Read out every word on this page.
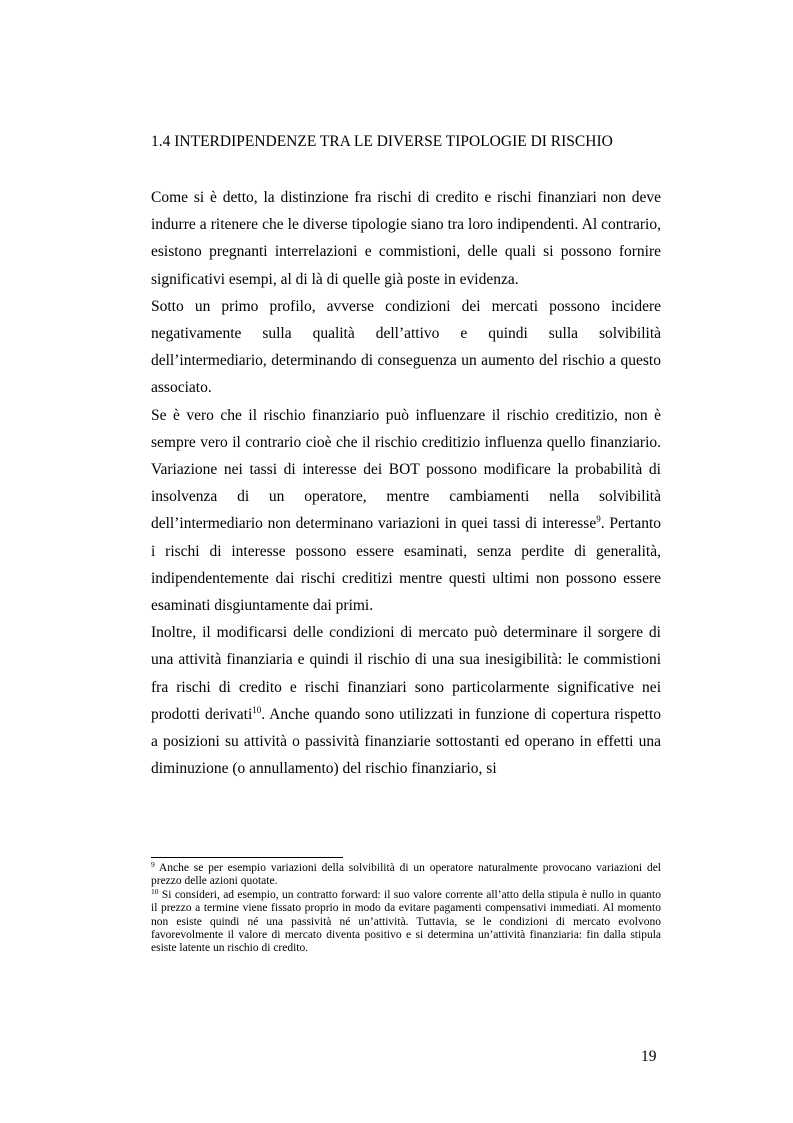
1.4 INTERDIPENDENZE TRA LE DIVERSE TIPOLOGIE DI RISCHIO

Come si è detto, la distinzione fra rischi di credito e rischi finanziari non deve indurre a ritenere che le diverse tipologie siano tra loro indipendenti. Al contrario, esistono pregnanti interrelazioni e commistioni, delle quali si possono fornire significativi esempi, al di là di quelle già poste in evidenza.

Sotto un primo profilo, avverse condizioni dei mercati possono incidere negativamente sulla qualità dell’attivo e quindi sulla solvibilità dell’intermediario, determinando di conseguenza un aumento del rischio a questo associato.

Se è vero che il rischio finanziario può influenzare il rischio creditizio, non è sempre vero il contrario cioè che il rischio creditizio influenza quello finanziario. Variazione nei tassi di interesse dei BOT possono modificare la probabilità di insolvenza di un operatore, mentre cambiamenti nella solvibilità dell’intermediario non determinano variazioni in quei tassi di interesse$^9$. Pertanto i rischi di interesse possono essere esaminati, senza perdite di generalità, indipendentemente dai rischi creditizi mentre questi ultimi non possono essere esaminati disgiuntamente dai primi.

Inoltre, il modificarsi delle condizioni di mercato può determinare il sorgere di una attività finanziaria e quindi il rischio di una sua inesigibilità: le commistioni fra rischi di credito e rischi finanziari sono particolarmente significative nei prodotti derivati$^{10}$. Anche quando sono utilizzati in funzione di copertura rispetto a posizioni su attività o passività finanziarie sottostanti ed operano in effetti una diminuzione (o annullamento) del rischio finanziario, si

$^9$ Anche se per esempio variazioni della solvibilità di un operatore naturalmente provocano variazioni del prezzo delle azioni quotate.

$^{10}$ Si consideri, ad esempio, un contratto forward: il suo valore corrente all’atto della stipula è nullo in quanto il prezzo a termine viene fissato proprio in modo da evitare pagamenti compensativi immediati. Al momento non esiste quindi né una passività né un’attività. Tuttavia, se le condizioni di mercato evolvono favorevolmente il valore di mercato diventa positivo e si determina un’attività finanziaria: fin dalla stipula esiste latente un rischio di credito.

19
